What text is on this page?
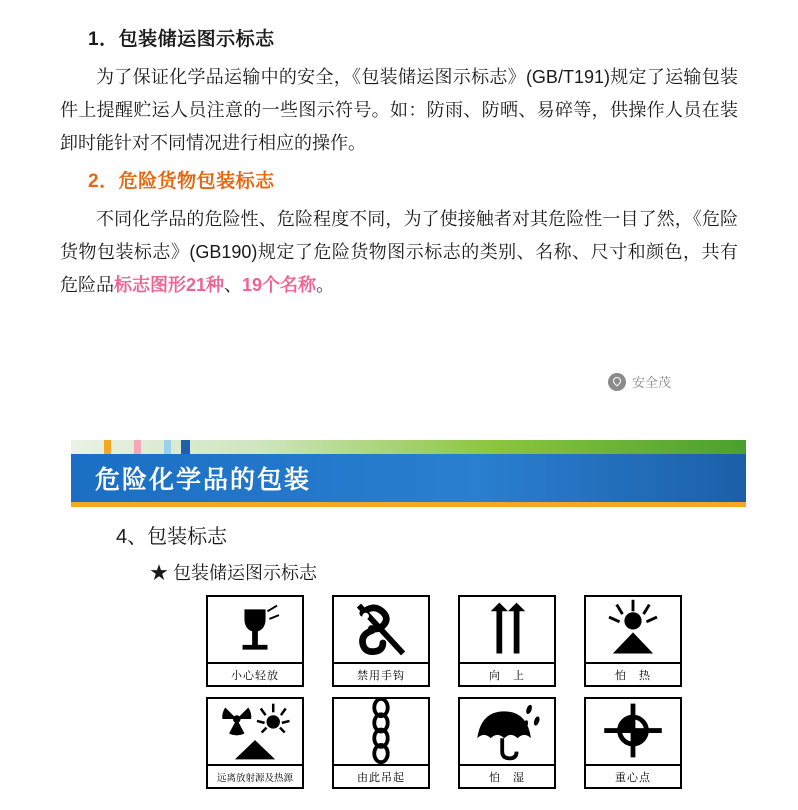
1．包装储运图示标志

为了保证化学品运输中的安全，《包装储运图示标志》(GB/T191)规定了运输包装件上提醒贮运人员注意的一些图示符号。如：防雨、防晒、易碎等，供操作人员在装卸时能针对不同情况进行相应的操作。

2．危险货物包装标志

不同化学品的危险性、危险程度不同，为了使接触者对其危险性一目了然，《危险货物包装标志》(GB190)规定了危险货物图示标志的类别、名称、尺寸和颜色，共有危险品标志图形21种、19个名称。

安全茂
危险化学品的包装
4、包装标志
★ 包装储运图示标志
小心轻放	禁用手钩	向　上	怕　热
远离放射源及热源	由此吊起	怕　湿	重心点
